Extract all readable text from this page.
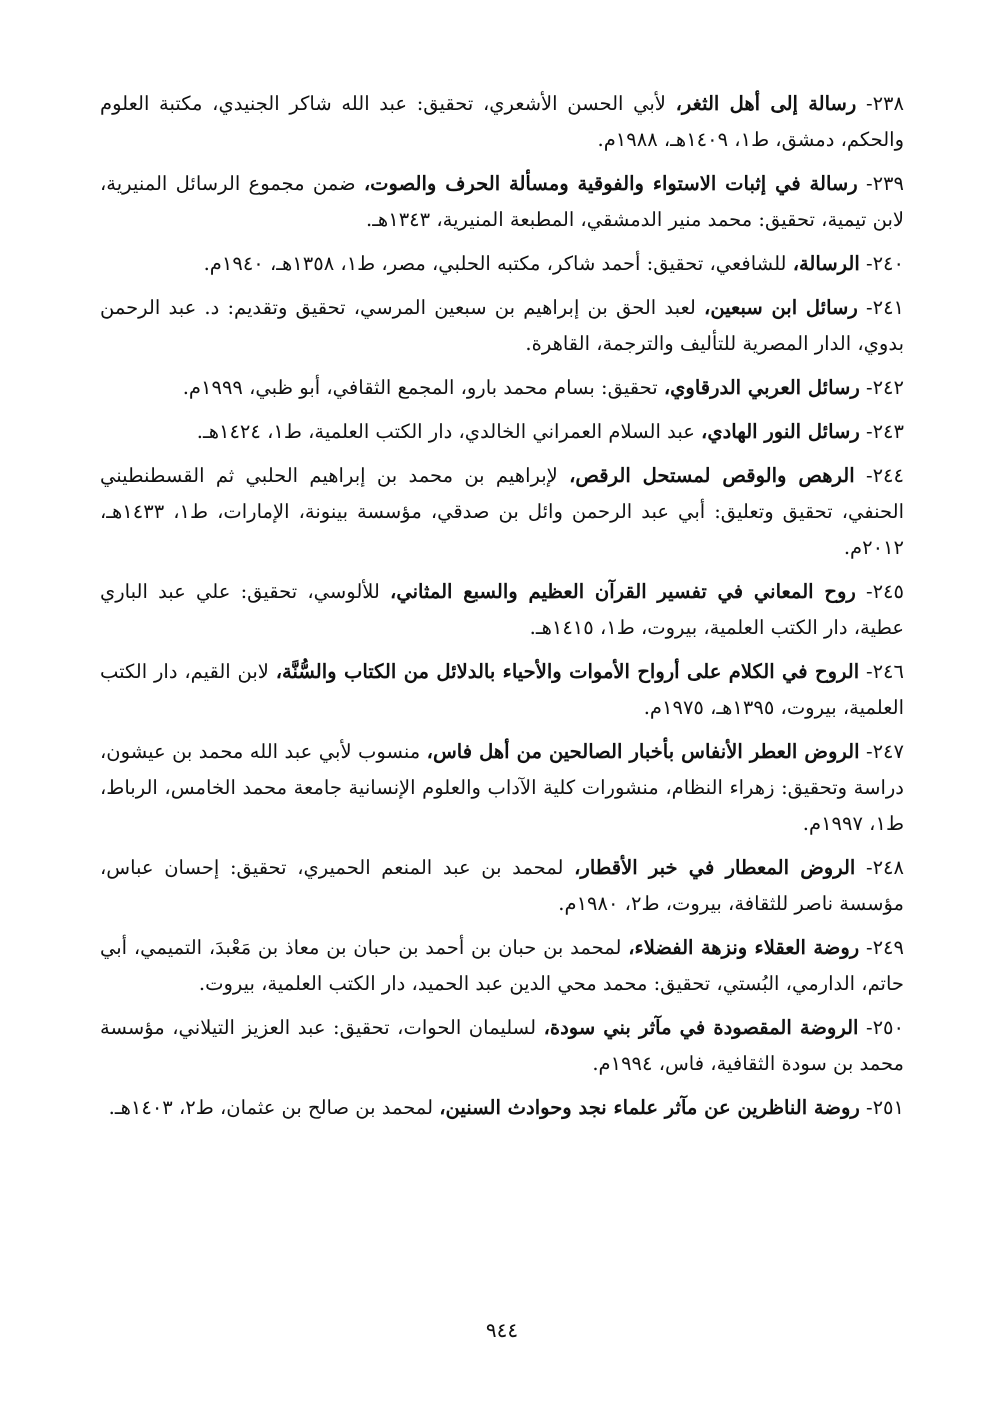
٢٣٨- رسالة إلى أهل الثغر، لأبي الحسن الأشعري، تحقيق: عبد الله شاكر الجنيدي، مكتبة العلوم والحكم، دمشق، ط١، ١٤٠٩هـ، ١٩٨٨م.

٢٣٩- رسالة في إثبات الاستواء والفوقية ومسألة الحرف والصوت، ضمن مجموع الرسائل المنيرية، لابن تيمية، تحقيق: محمد منير الدمشقي، المطبعة المنيرية، ١٣٤٣هـ.

٢٤٠- الرسالة، للشافعي، تحقيق: أحمد شاكر، مكتبه الحلبي، مصر، ط١، ١٣٥٨هـ، ١٩٤٠م.

٢٤١- رسائل ابن سبعين، لعبد الحق بن إبراهيم بن سبعين المرسي، تحقيق وتقديم: د. عبد الرحمن بدوي، الدار المصرية للتأليف والترجمة، القاهرة.

٢٤٢- رسائل العربي الدرقاوي، تحقيق: بسام محمد بارو، المجمع الثقافي، أبو ظبي، ١٩٩٩م.

٢٤٣- رسائل النور الهادي، عبد السلام العمراني الخالدي، دار الكتب العلمية، ط١، ١٤٢٤هـ.

٢٤٤- الرهص والوقص لمستحل الرقص، لإبراهيم بن محمد بن إبراهيم الحلبي ثم القسطنطيني الحنفي، تحقيق وتعليق: أبي عبد الرحمن وائل بن صدقي، مؤسسة بينونة، الإمارات، ط١، ١٤٣٣هـ، ٢٠١٢م.

٢٤٥- روح المعاني في تفسير القرآن العظيم والسبع المثاني، للألوسي، تحقيق: علي عبد الباري عطية، دار الكتب العلمية، بيروت، ط١، ١٤١٥هـ.

٢٤٦- الروح في الكلام على أرواح الأموات والأحياء بالدلائل من الكتاب والسُّنَّة، لابن القيم، دار الكتب العلمية، بيروت، ١٣٩٥هـ، ١٩٧٥م.

٢٤٧- الروض العطر الأنفاس بأخبار الصالحين من أهل فاس، منسوب لأبي عبد الله محمد بن عيشون، دراسة وتحقيق: زهراء النظام، منشورات كلية الآداب والعلوم الإنسانية جامعة محمد الخامس، الرباط، ط١، ١٩٩٧م.

٢٤٨- الروض المعطار في خبر الأقطار، لمحمد بن عبد المنعم الحميري، تحقيق: إحسان عباس، مؤسسة ناصر للثقافة، بيروت، ط٢، ١٩٨٠م.

٢٤٩- روضة العقلاء ونزهة الفضلاء، لمحمد بن حبان بن أحمد بن حبان بن معاذ بن مَعْبدَ، التميمي، أبي حاتم، الدارمي، البُستي، تحقيق: محمد محي الدين عبد الحميد، دار الكتب العلمية، بيروت.

٢٥٠- الروضة المقصودة في مآثر بني سودة، لسليمان الحوات، تحقيق: عبد العزيز التيلاني، مؤسسة محمد بن سودة الثقافية، فاس، ١٩٩٤م.

٢٥١- روضة الناظرين عن مآثر علماء نجد وحوادث السنين، لمحمد بن صالح بن عثمان، ط٢، ١٤٠٣هـ.

٩٤٤
